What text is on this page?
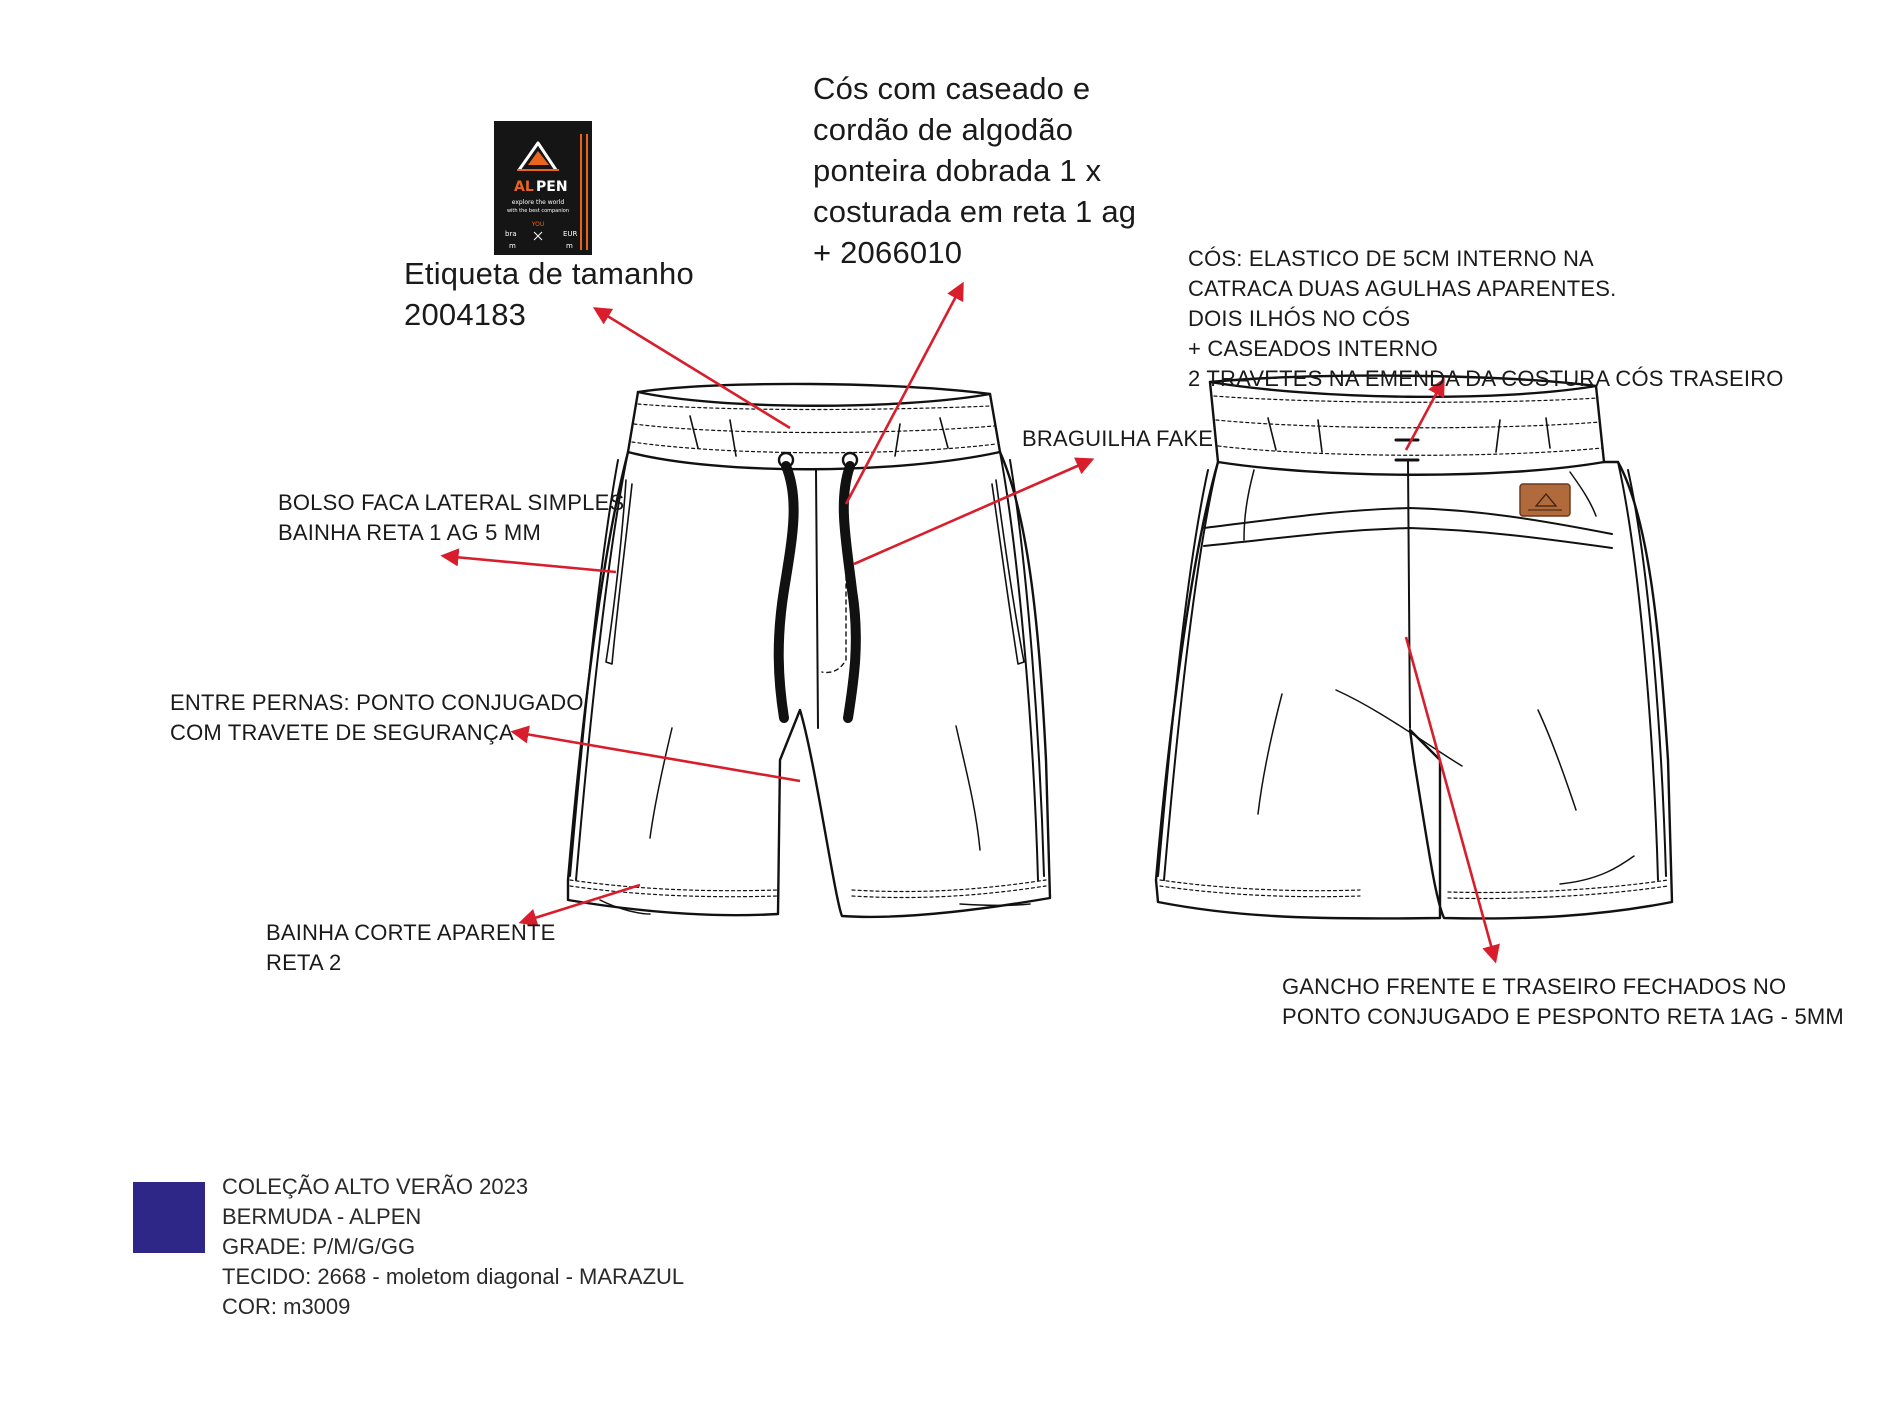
AL PEN
explore the world
with the best companion
bra
m
YOU
EUR
m
Etiqueta de tamanho
2004183
Cós com caseado e
cordão de algodão
ponteira dobrada 1 x
costurada em reta 1 ag
+ 2066010	CÓS: ELASTICO DE 5CM INTERNO NA
CATRACA DUAS AGULHAS APARENTES.
DOIS ILHÓS NO CÓS
+ CASEADOS INTERNO
2 TRAVETES NA EMENDA DA COSTURA CÓS TRASEIRO
BRAGUILHA FAKE
BOLSO FACA LATERAL SIMPLES
BAINHA RETA 1 AG 5 MM
ENTRE PERNAS: PONTO CONJUGADO
COM TRAVETE DE SEGURANÇA
BAINHA CORTE APARENTE
RETA 2
GANCHO FRENTE E TRASEIRO FECHADOS NO
PONTO CONJUGADO E PESPONTO RETA 1AG - 5MM
COLEÇÃO ALTO VERÃO 2023
BERMUDA - ALPEN
GRADE: P/M/G/GG
TECIDO: 2668 - moletom diagonal - MARAZUL
COR: m3009
